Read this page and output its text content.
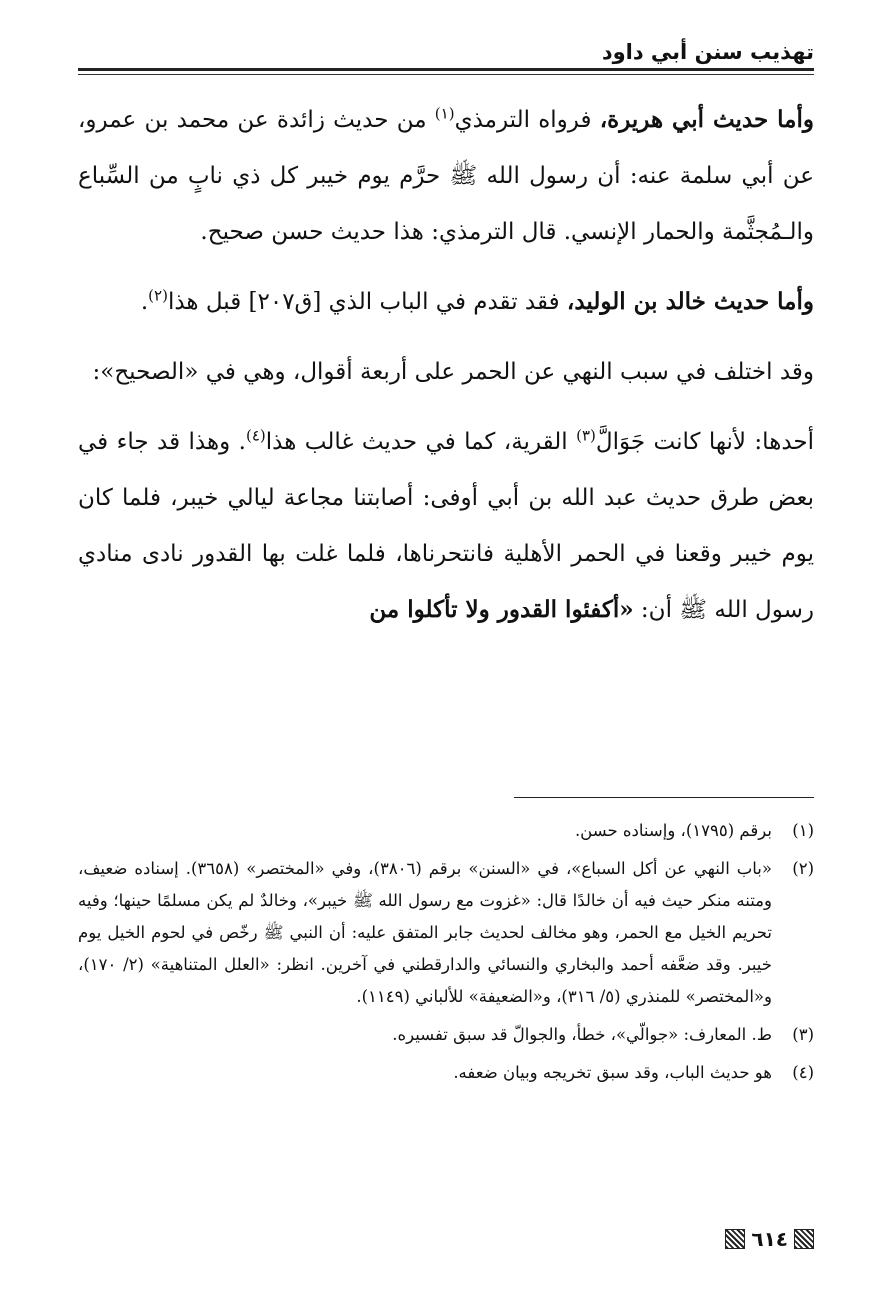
تهذيب سنن أبي داود

وأما حديث أبي هريرة، فرواه الترمذي$^{(١)}$ من حديث زائدة عن محمد بن عمرو، عن أبي سلمة عنه: أن رسول الله ﷺ حرَّم يوم خيبر كل ذي نابٍ من السِّباع والـمُجثَّمة والحمار الإنسي. قال الترمذي: هذا حديث حسن صحيح.

وأما حديث خالد بن الوليد، فقد تقدم في الباب الذي [ق٢٠٧] قبل هذا$^{(٢)}$.

وقد اختلف في سبب النهي عن الحمر على أربعة أقوال، وهي في «الصحيح»:

أحدها: لأنها كانت جَوَالَّ$^{(٣)}$ القرية، كما في حديث غالب هذا$^{(٤)}$. وهذا قد جاء في بعض طرق حديث عبد الله بن أبي أوفى: أصابتنا مجاعة ليالي خيبر، فلما كان يوم خيبر وقعنا في الحمر الأهلية فانتحرناها، فلما غلت بها القدور نادى منادي رسول الله ﷺ أن: «أكفئوا القدور ولا تأكلوا من

(١)
برقم (١٧٩٥)، وإسناده حسن.
(٢)
«باب النهي عن أكل السباع»، في «السنن» برقم (٣٨٠٦)، وفي «المختصر» (٣٦٥٨). إسناده ضعيف، ومتنه منكر حيث فيه أن خالدًا قال: «غزوت مع رسول الله ﷺ خيبر»، وخالدٌ لم يكن مسلمًا حينها؛ وفيه تحريم الخيل مع الحمر، وهو مخالف لحديث جابر المتفق عليه: أن النبي ﷺ رخّص في لحوم الخيل يوم خيبر. وقد ضعَّفه أحمد والبخاري والنسائي والدارقطني في آخرين. انظر: «العلل المتناهية» (٢/ ١٧٠)، و«المختصر» للمنذري (٥/ ٣١٦)، و«الضعيفة» للألباني (١١٤٩).
(٣)
ط. المعارف: «جوالّي»، خطأ، والجوالّ قد سبق تفسيره.
(٤)
هو حديث الباب، وقد سبق تخريجه وبيان ضعفه.
٦١٤
